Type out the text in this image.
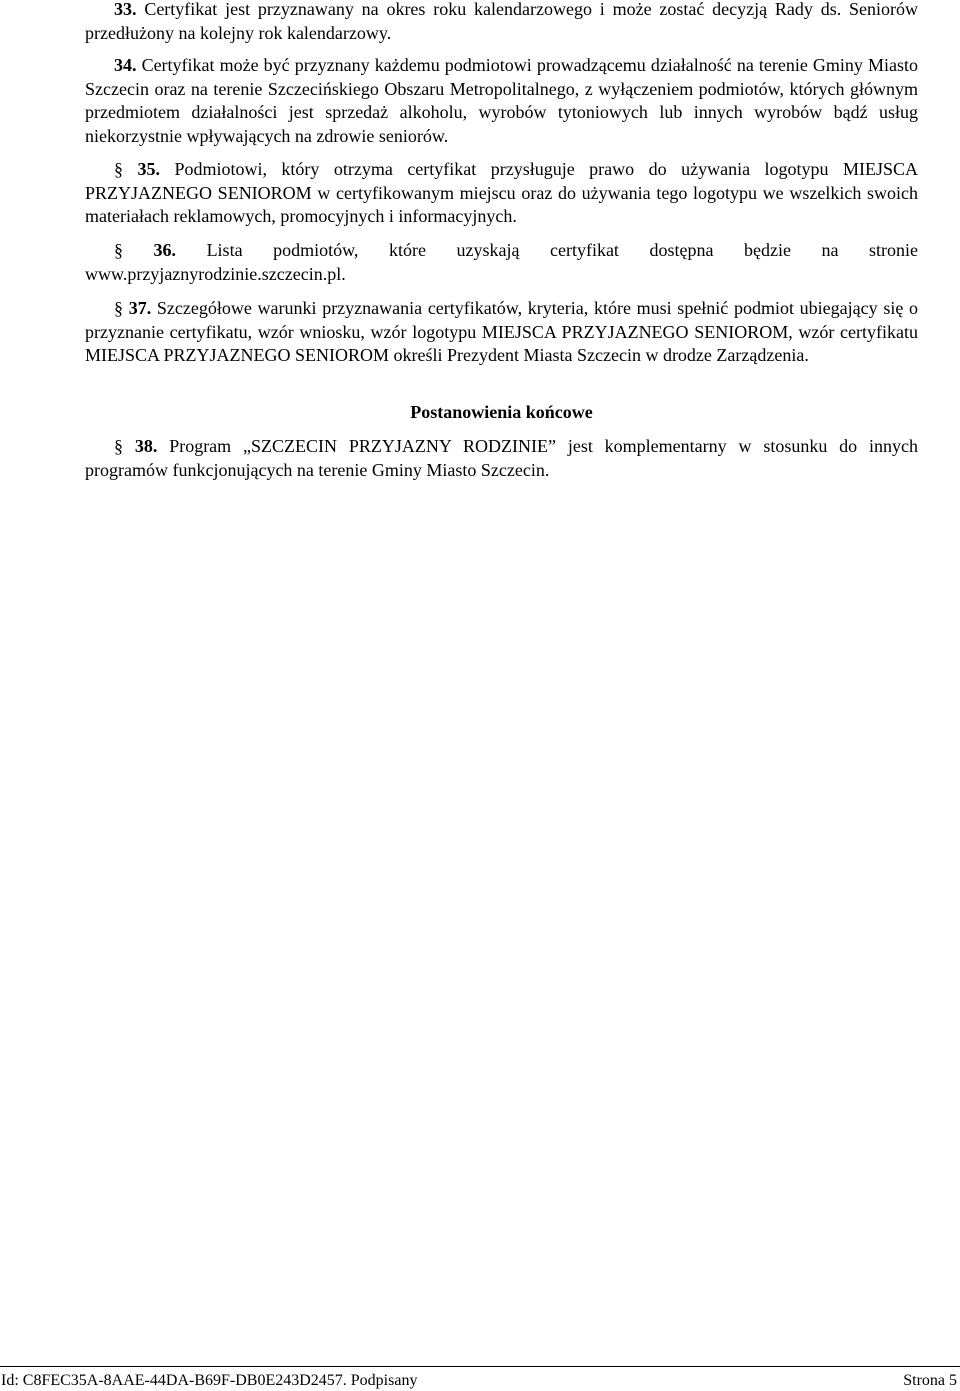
33. Certyfikat jest przyznawany na okres roku kalendarzowego i może zostać decyzją Rady ds. Seniorów przedłużony na kolejny rok kalendarzowy.

34. Certyfikat może być przyznany każdemu podmiotowi prowadzącemu działalność na terenie Gminy Miasto Szczecin oraz na terenie Szczecińskiego Obszaru Metropolitalnego, z wyłączeniem podmiotów, których głównym przedmiotem działalności jest sprzedaż alkoholu, wyrobów tytoniowych lub innych wyrobów bądź usług niekorzystnie wpływających na zdrowie seniorów.

§ 35. Podmiotowi, który otrzyma certyfikat przysługuje prawo do używania logotypu MIEJSCA PRZYJAZNEGO SENIOROM w certyfikowanym miejscu oraz do używania tego logotypu we wszelkich swoich materiałach reklamowych, promocyjnych i informacyjnych.

§ 36. Lista podmiotów, które uzyskają certyfikat dostępna będzie na stronie www.przyjaznyrodzinie.szczecin.pl.

§ 37. Szczegółowe warunki przyznawania certyfikatów, kryteria, które musi spełnić podmiot ubiegający się o przyznanie certyfikatu, wzór wniosku, wzór logotypu MIEJSCA PRZYJAZNEGO SENIOROM, wzór certyfikatu MIEJSCA PRZYJAZNEGO SENIOROM określi Prezydent Miasta Szczecin w drodze Zarządzenia.

Postanowienia końcowe

§ 38. Program „SZCZECIN PRZYJAZNY RODZINIE” jest komplementarny w stosunku do innych programów funkcjonujących na terenie Gminy Miasto Szczecin.

Id: C8FEC35A-8AAE-44DA-B69F-DB0E243D2457. Podpisany	Strona 5
